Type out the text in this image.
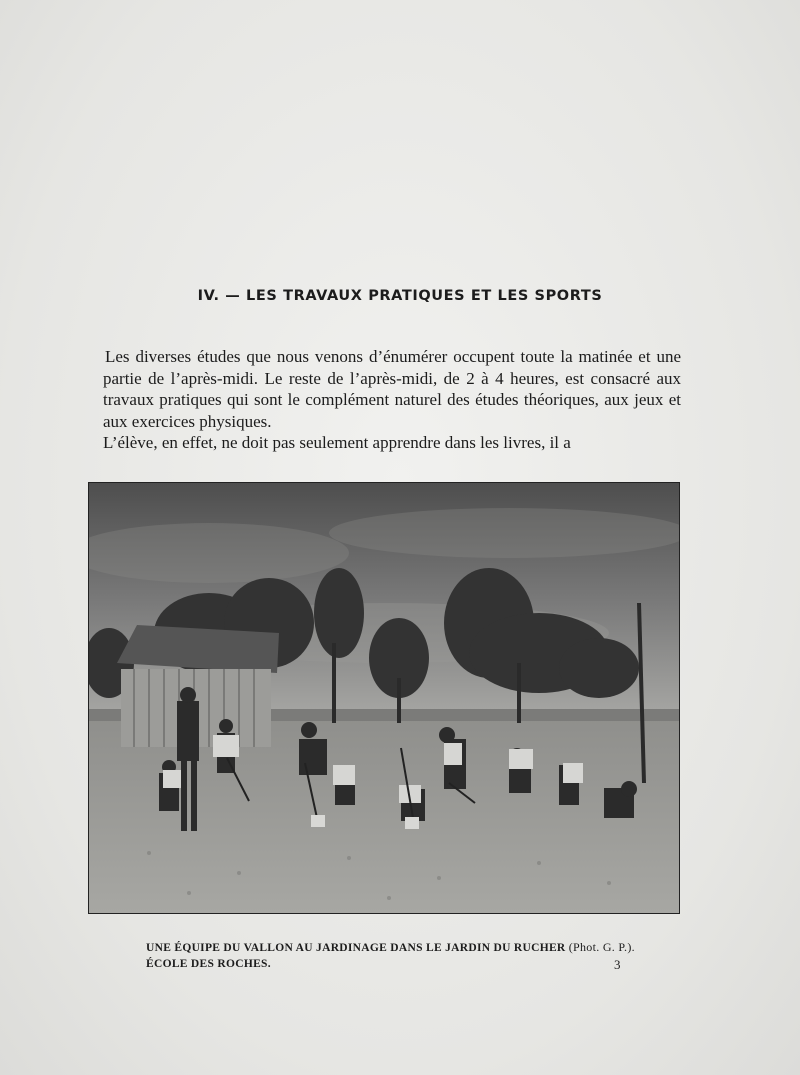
IV. — LES TRAVAUX PRATIQUES ET LES SPORTS

Les diverses études que nous venons d’énumérer occupent toute la matinée et une partie de l’après-midi. Le reste de l’après-midi, de 2 à 4 heures, est consacré aux travaux pratiques qui sont le complément naturel des études théoriques, aux jeux et aux exercices physiques.

L’élève, en effet, ne doit pas seulement apprendre dans les livres, il a

UNE ÉQUIPE DU VALLON AU JARDINAGE DANS LE JARDIN DU RUCHER (Phot. G. P.).
ÉCOLE DES ROCHES.	3
